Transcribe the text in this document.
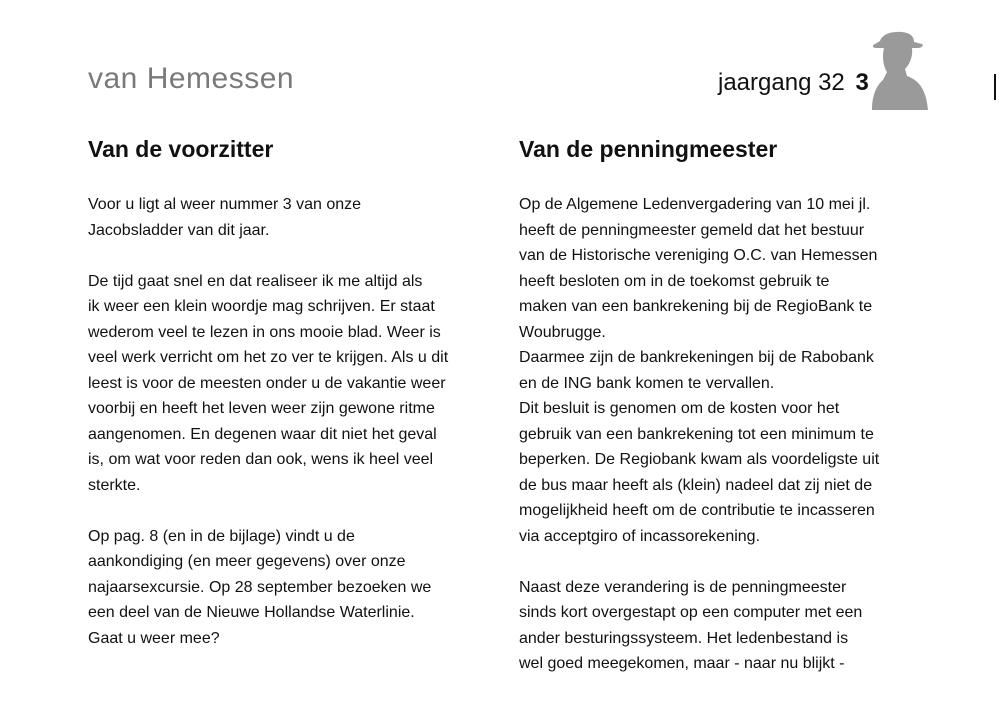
van Hemessen	jaargang 32 3
Van de voorzitter

Voor u ligt al weer nummer 3 van onze
Jacobsladder van dit jaar.

De tijd gaat snel en dat realiseer ik me altijd als
ik weer een klein woordje mag schrijven. Er staat
wederom veel te lezen in ons mooie blad. Weer is
veel werk verricht om het zo ver te krijgen. Als u dit
leest is voor de meesten onder u de vakantie weer
voorbij en heeft het leven weer zijn gewone ritme
aangenomen. En degenen waar dit niet het geval
is, om wat voor reden dan ook, wens ik heel veel
sterkte.

Op pag. 8 (en in de bijlage) vindt u de
aankondiging (en meer gegevens) over onze
najaarsexcursie. Op 28 september bezoeken we
een deel van de Nieuwe Hollandse Waterlinie.
Gaat u weer mee?

Van de penningmeester

Op de Algemene Ledenvergadering van 10 mei jl.
heeft de penningmeester gemeld dat het bestuur
van de Historische vereniging O.C. van Hemessen
heeft besloten om in de toekomst gebruik te
maken van een bankrekening bij de RegioBank te
Woubrugge.
Daarmee zijn de bankrekeningen bij de Rabobank
en de ING bank komen te vervallen.
Dit besluit is genomen om de kosten voor het
gebruik van een bankrekening tot een minimum te
beperken. De Regiobank kwam als voordeligste uit
de bus maar heeft als (klein) nadeel dat zij niet de
mogelijkheid heeft om de contributie te incasseren
via acceptgiro of incassorekening.

Naast deze verandering is de penningmeester
sinds kort overgestapt op een computer met een
ander besturingssysteem. Het ledenbestand is
wel goed meegekomen, maar - naar nu blijkt -
